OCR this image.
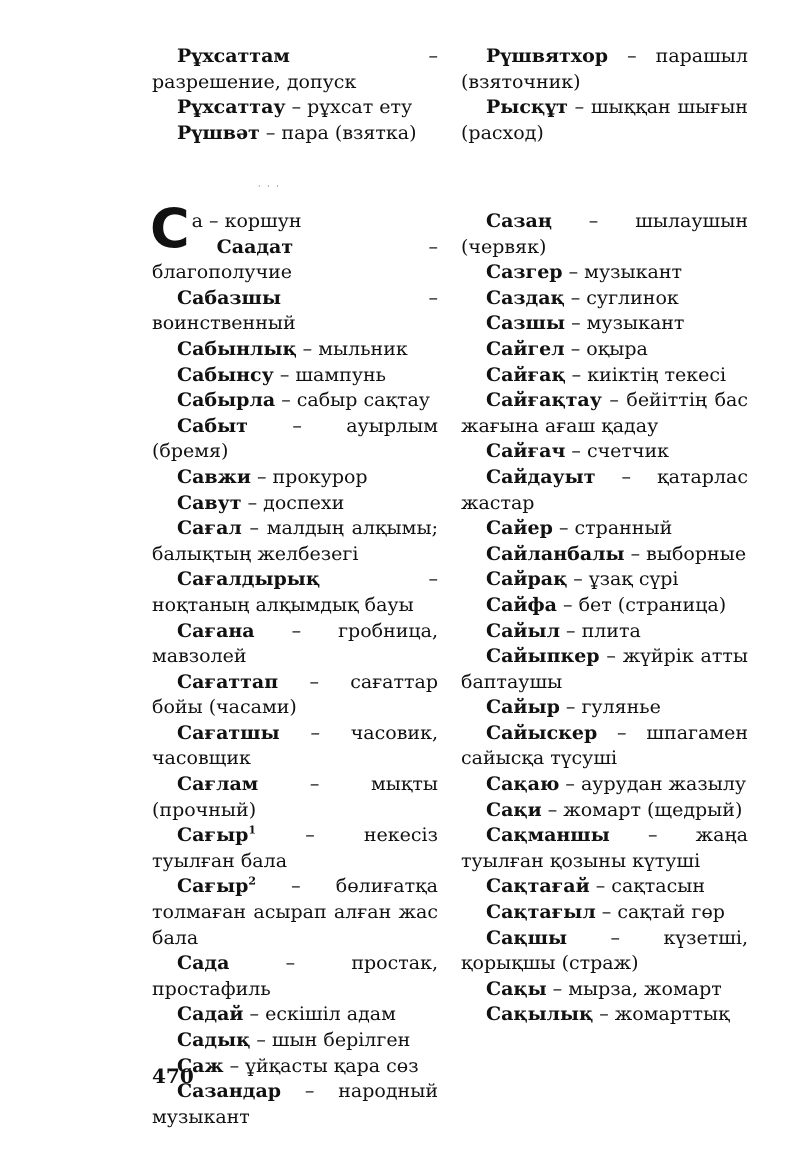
Рұхсаттам – разрешение, допуск

Рұхсаттау – рұхсат ету

Рүшвәт – пара (взятка)

Рүшвятхор – парашыл (взяточник)

Рысқұт – шыққан шығын (расход)

· · ·

Са – коршун

Саадат – благополучие

Сабазшы – воинственный

Сабынлық – мыльник

Сабынсу – шампунь

Сабырла – сабыр сақтау

Сабыт – ауырлым (бремя)

Савжи – прокурор

Савут – доспехи

Сағал – малдың алқымы; балықтың желбезегі

Сағалдырық – ноқтаның алқымдық бауы

Сағана – гробница, мавзолей

Сағаттап – сағаттар бойы (часами)

Сағатшы – часовик, часовщик

Сағлам – мықты (прочный)

Сағыр$^1$ – некесіз туылған бала

Сағыр$^2$ – бөлиғатқа толмаған асырап алған жас бала

Сада – простак, простафиль

Садай – ескішіл адам

Садық – шын берілген

Саж – ұйқасты қара сөз

Сазандар – народный музыкант

Сазаң – шылаушын (червяк)

Сазгер – музыкант

Саздақ – суглинок

Сазшы – музыкант

Сайгел – оқыра

Сайғақ – киіктің текесі

Сайғақтау – бейіттің бас жағына ағаш қадау

Сайғач – счетчик

Сайдауыт – қатарлас жастар

Сайер – странный

Сайланбалы – выборные

Сайрақ – ұзақ сүрі

Сайфа – бет (страница)

Сайыл – плита

Сайыпкер – жүйрік атты баптаушы

Сайыр – гулянье

Сайыскер – шпагамен сайысқа түсуші

Сақаю – аурудан жазылу

Сақи – жомарт (щедрый)

Сақманшы – жаңа туылған қозыны күтуші

Сақтағай – сақтасын

Сақтағыл – сақтай гөр

Сақшы – күзетші, қорықшы (страж)

Сақы – мырза, жомарт

Сақылық – жомарттық

470
